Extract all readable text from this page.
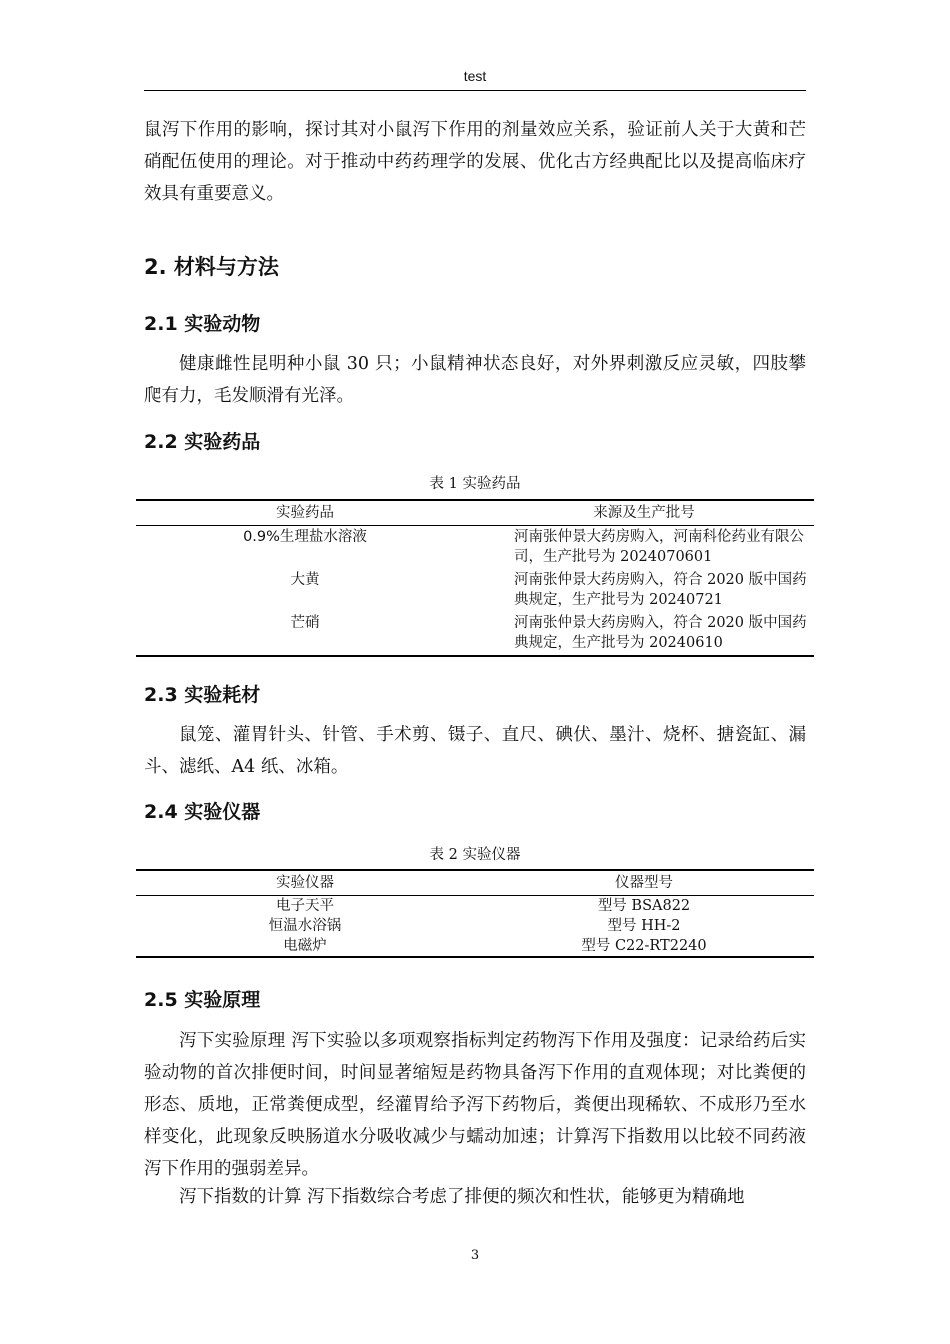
test

鼠泻下作用的影响，探讨其对小鼠泻下作用的剂量效应关系，验证前人关于大黄和芒硝配伍使用的理论。对于推动中药药理学的发展、优化古方经典配比以及提高临床疗效具有重要意义。

2. 材料与方法
2.1 实验动物

健康雌性昆明种小鼠 30 只；小鼠精神状态良好，对外界刺激反应灵敏，四肢攀爬有力，毛发顺滑有光泽。

2.2 实验药品
表 1 实验药品
实验药品	来源及生产批号
0.9%生理盐水溶液	河南张仲景大药房购入，河南科伦药业有限公司，生产批号为 2024070601
大黄	河南张仲景大药房购入，符合 2020 版中国药典规定，生产批号为 20240721
芒硝	河南张仲景大药房购入，符合 2020 版中国药典规定，生产批号为 20240610
2.3 实验耗材

鼠笼、灌胃针头、针管、手术剪、镊子、直尺、碘伏、墨汁、烧杯、搪瓷缸、漏斗、滤纸、A4 纸、冰箱。

2.4 实验仪器
表 2 实验仪器
实验仪器	仪器型号
电子天平	型号 BSA822
恒温水浴锅	型号 HH-2
电磁炉	型号 C22-RT2240
2.5 实验原理

泻下实验原理 泻下实验以多项观察指标判定药物泻下作用及强度：记录给药后实验动物的首次排便时间，时间显著缩短是药物具备泻下作用的直观体现；对比粪便的形态、质地，正常粪便成型，经灌胃给予泻下药物后，粪便出现稀软、不成形乃至水样变化，此现象反映肠道水分吸收减少与蠕动加速；计算泻下指数用以比较不同药液泻下作用的强弱差异。

泻下指数的计算 泻下指数综合考虑了排便的频次和性状，能够更为精确地

3
